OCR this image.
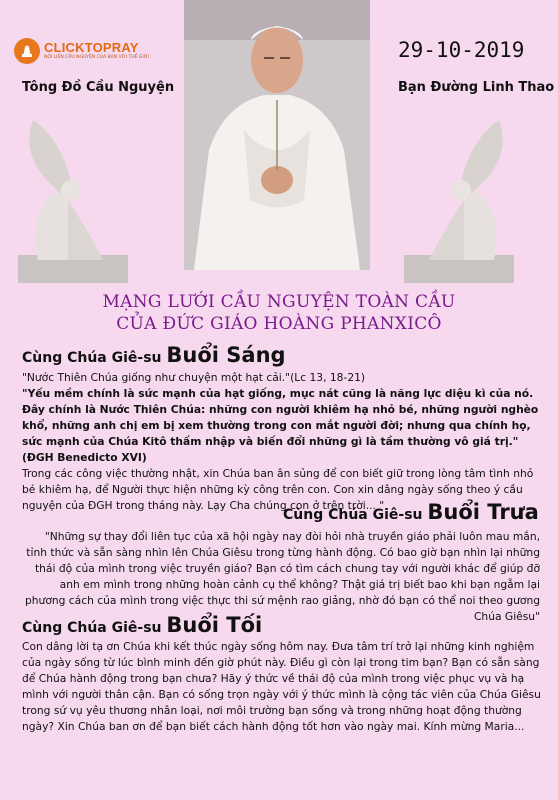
CLICKTOPRAY
NỐI LIỀN CẦU NGUYỆN CỦA BẠN VỚI THẾ GIỚI
Tông Đồ Cầu Nguyện
29-10-2019
Bạn Đường Linh Thao
MẠNG LƯỚI CẦU NGUYỆN TOÀN CẦU
CỦA ĐỨC GIÁO HOÀNG PHANXICÔ
Cùng Chúa Giê-su Buổi Sáng
"Nước Thiên Chúa giống như chuyện một hạt cải."(Lc 13, 18-21)
"Yếu mềm chính là sức mạnh của hạt giống, mục nát cũng là năng lực diệu kì của nó. Đây chính là Nước Thiên Chúa: những con người khiêm hạ nhỏ bé, những người nghèo khổ, những anh chị em bị xem thường trong con mắt người đời; nhưng qua chính họ, sức mạnh của Chúa Kitô thấm nhập và biến đổi những gì là tầm thường vô giá trị." (ĐGH Benedicto XVI)
Trong các công việc thường nhật, xin Chúa ban ân sủng để con biết giữ trong lòng tâm tình nhỏ bé khiêm hạ, để Người thực hiện những kỳ công trên con. Con xin dâng ngày sống theo ý cầu nguyện của ĐGH trong tháng này. Lạy Cha chúng con ở trên trời... "
Cùng Chúa Giê-su Buổi Trưa
"Những sự thay đổi liên tục của xã hội ngày nay đòi hỏi nhà truyền giáo phải luôn mau mắn, tỉnh thức và sẵn sàng nhìn lên Chúa Giêsu trong từng hành động. Có bao giờ bạn nhìn lại những thái độ của mình trong việc truyền giáo? Bạn có tìm cách chung tay với người khác để giúp đỡ anh em mình trong những hoàn cảnh cụ thể không? Thật giá trị biết bao khi bạn ngẫm lại phương cách của mình trong việc thực thi sứ mệnh rao giảng, nhờ đó bạn có thể noi theo gương Chúa Giêsu"
Cùng Chúa Giê-su Buổi Tối
Con dâng lời tạ ơn Chúa khi kết thúc ngày sống hôm nay. Đưa tâm trí trở lại những kinh nghiệm của ngày sống từ lúc bình minh đến giờ phút này. Điều gì còn lại trong tim bạn? Bạn có sẵn sàng để Chúa hành động trong bạn chưa? Hãy ý thức về thái độ của mình trong việc phục vụ và hạ mình với người thân cận. Bạn có sống trọn ngày với ý thức mình là cộng tác viên của Chúa Giêsu trong sứ vụ yêu thương nhân loại, nơi môi trường bạn sống và trong những hoạt động thường ngày? Xin Chúa ban ơn để bạn biết cách hành động tốt hơn vào ngày mai. Kính mừng Maria...
